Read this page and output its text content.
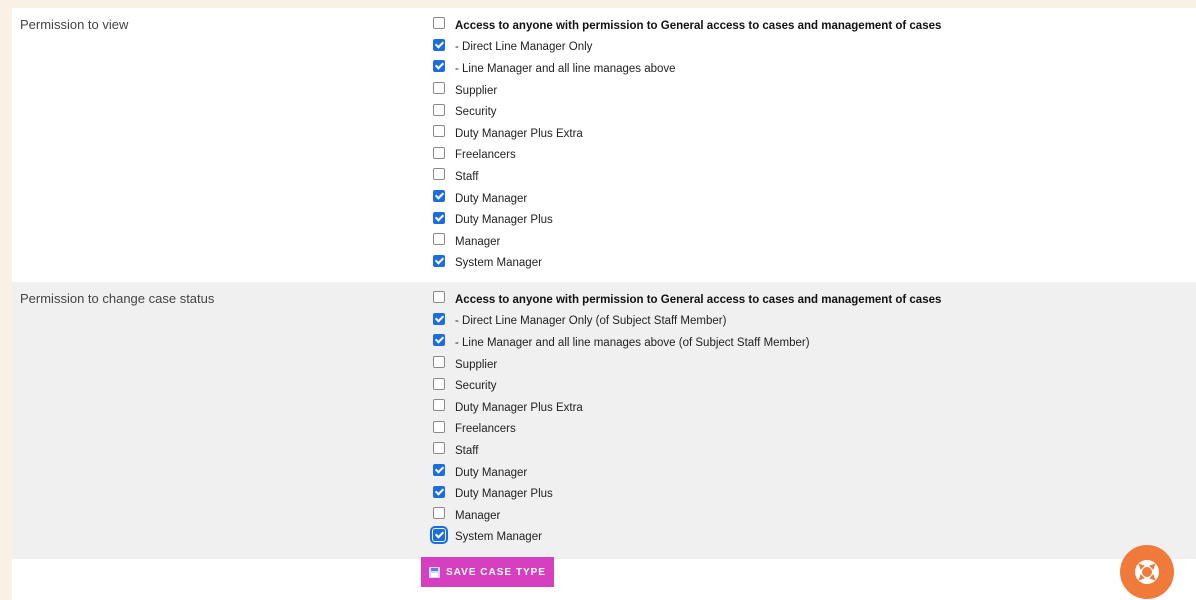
Permission to view	Access to anyone with permission to General access to cases and management of cases
- Direct Line Manager Only
- Line Manager and all line manages above
Supplier
Security
Duty Manager Plus Extra
Freelancers
Staff
Duty Manager
Duty Manager Plus
Manager
System Manager
Permission to change case status	Access to anyone with permission to General access to cases and management of cases
- Direct Line Manager Only (of Subject Staff Member)
- Line Manager and all line manages above (of Subject Staff Member)
Supplier
Security
Duty Manager Plus Extra
Freelancers
Staff
Duty Manager
Duty Manager Plus
Manager
System Manager
SAVE CASE TYPE
